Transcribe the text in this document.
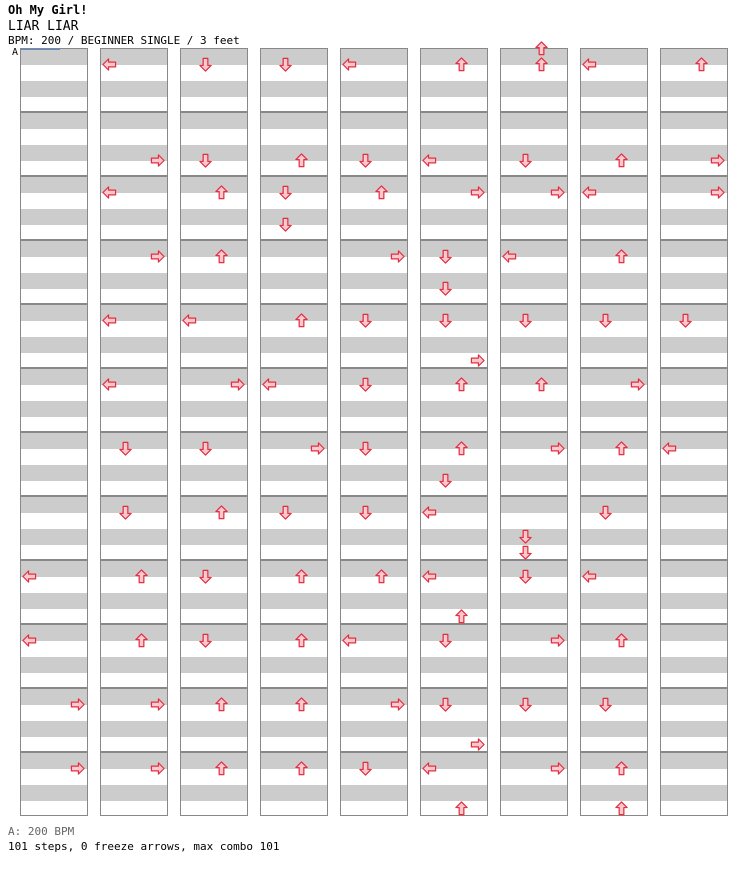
Oh My Girl!
LIAR LIAR
BPM: 200 / BEGINNER SINGLE / 3 feet
A
A: 200 BPM
101 steps, 0 freeze arrows, max combo 101
